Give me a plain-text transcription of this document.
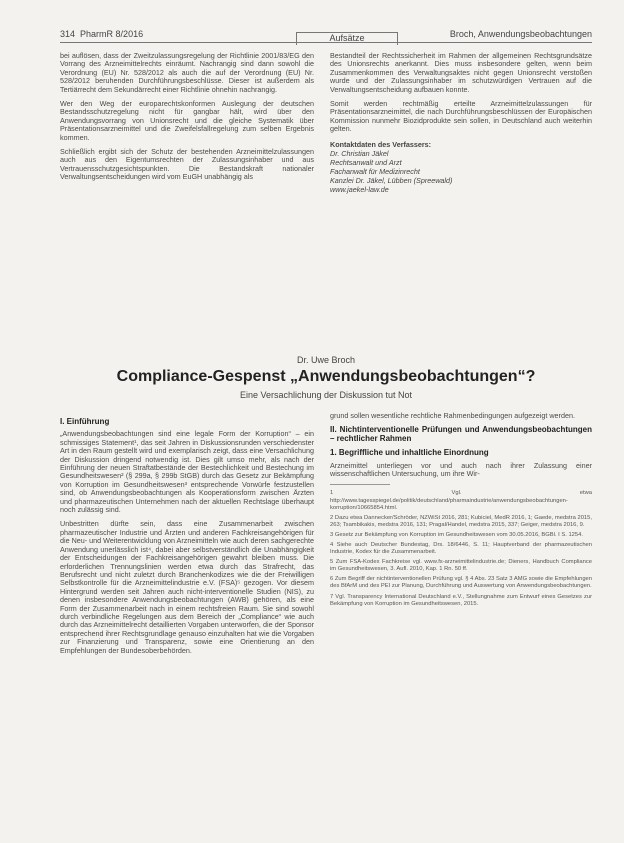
314 PharmR 8/2016	Aufsätze	Broch, Anwendungsbeobachtungen

bei auflösen, dass der Zweitzulassungsregelung der Richtlinie 2001/83/EG den Vorrang des Arzneimittelrechts einräumt. Nachrangig sind dann sowohl die Verordnung (EU) Nr. 528/2012 als auch die auf der Verordnung (EU) Nr. 528/2012 beruhenden Durchführungsbeschlüsse. Dieser ist außerdem als Tertiärrecht dem Sekundärrecht einer Richtlinie ohnehin nachrangig.

Wer den Weg der europarechtskonformen Auslegung der deutschen Bestandsschutzregelung nicht für gangbar hält, wird über den Anwendungsvorrang von Unionsrecht und die gleiche Systematik über Präsentationsarzneimittel und die Zweifelsfallregelung zum selben Ergebnis kommen.

Schließlich ergibt sich der Schutz der bestehenden Arzneimittelzulassungen auch aus den Eigentumsrechten der Zulassungsinhaber und aus Vertrauensschutzgesichtspunkten. Die Bestandskraft nationaler Verwaltungsentscheidungen wird vom EuGH unabhängig als

Bestandteil der Rechtssicherheit im Rahmen der allgemeinen Rechtsgrundsätze des Unionsrechts anerkannt. Dies muss insbesondere gelten, wenn beim Zusammenkommen des Verwaltungsaktes nicht gegen Unionsrecht verstoßen wurde und der Zulassungsinhaber im schutzwürdigen Vertrauen auf die Verwaltungsentscheidung aufbauen konnte.

Somit werden rechtmäßig erteilte Arzneimittelzulassungen für Präsentationsarzneimittel, die nach Durchführungsbeschlüssen der Europäischen Kommission nunmehr Biozidprodukte sein sollen, in Deutschland auch weiterhin gelten.

Kontaktdaten des Verfassers:
Dr. Christian Jäkel
Rechtsanwalt und Arzt
Fachanwalt für Medizinrecht
Kanzlei Dr. Jäkel, Lübben (Spreewald)
www.jaekel-law.de
Dr. Uwe Broch
Compliance-Gespenst „Anwendungsbeobachtungen“?
Eine Versachlichung der Diskussion tut Not
I. Einführung

„Anwendungsbeobachtungen sind eine legale Form der Korruption“ – ein schmissiges Statement¹, das seit Jahren in Diskussionsrunden verschiedenster Art in den Raum gestellt wird und exemplarisch zeigt, dass eine Versachlichung der Diskussion dringend notwendig ist. Dies gilt umso mehr, als nach der Einführung der neuen Straftatbestände der Bestechlichkeit und Bestechung im Gesundheitswesen² (§ 299a, § 299b StGB) durch das Gesetz zur Bekämpfung von Korruption im Gesundheitswesen³ entsprechende Vorwürfe festzustellen sind, ob Anwendungsbeobachtungen als Kooperationsform zwischen Ärzten und pharmazeutischen Unternehmen nach der aktuellen Rechtslage überhaupt noch zulässig sind.

Unbestritten dürfte sein, dass eine Zusammenarbeit zwischen pharmazeutischer Industrie und Ärzten und anderen Fachkreisangehörigen für die Neu- und Weiterentwicklung von Arzneimitteln wie auch deren sachgerechte Anwendung unerlässlich ist⁴, dabei aber selbstverständlich die Unabhängigkeit der Entscheidungen der Fachkreisangehörigen gewahrt bleiben muss. Die erforderlichen Trennungslinien werden etwa durch das Strafrecht, das Berufsrecht und nicht zuletzt durch Branchenkodizes wie die der Freiwilligen Selbstkontrolle für die Arzneimittelindustrie e.V. (FSA)⁵ gezogen. Vor diesem Hintergrund werden seit Jahren auch nicht-interventionelle Studien (NIS), zu denen insbesondere Anwendungsbeobachtungen (AWB) gehören, als eine Form der Zusammenarbeit nach in einem rechtsfreien Raum. Sie sind sowohl durch verbindliche Regelungen aus dem Bereich der „Compliance“ wie auch durch das Arzneimittelrecht detaillierten Vorgaben unterworfen, die der Sponsor entsprechend ihrer Rechtsgrundlage genauso einzuhalten hat wie die Vorgaben zur Finanzierung und Transparenz, sowie eine Orientierung an den Empfehlungen der Bundesoberbehörden.

grund sollen wesentliche rechtliche Rahmenbedingungen aufgezeigt werden.

II. Nichtinterventionelle Prüfungen und Anwendungsbeobachtungen – rechtlicher Rahmen
1. Begriffliche und inhaltliche Einordnung

Arzneimittel unterliegen vor und auch nach ihrer Zulassung einer wissenschaftlichen Untersuchung, um ihre Wir-

1 Vgl. etwa http://www.tagesspiegel.de/politik/deutschland/pharmaindustrie/anwendungsbeobachtungen-korruption/10665854.html.
2 Dazu etwa Dannecker/Schröder, NZWiSt 2016, 281; Kubiciel, MedR 2016, 1; Gaede, medstra 2015, 263; Tsambikakis, medstra 2016, 131; Pragal/Handel, medstra 2015, 337; Geiger, medstra 2016, 9.
3 Gesetz zur Bekämpfung von Korruption im Gesundheitswesen vom 30.05.2016, BGBl. I S. 1254.
4 Siehe auch Deutscher Bundestag, Drs. 18/6446, S. 11; Hauptverband der pharmazeutischen Industrie, Kodex für die Zusammenarbeit.
5 Zum FSA-Kodex Fachkreise vgl. www.fs-arzneimittelindustrie.de; Dieners, Handbuch Compliance im Gesundheitswesen, 3. Aufl. 2010, Kap. 1 Rn. 50 ff.
6 Zum Begriff der nichtinterventionellen Prüfung vgl. § 4 Abs. 23 Satz 3 AMG sowie die Empfehlungen des BfArM und des PEI zur Planung, Durchführung und Auswertung von Anwendungsbeobachtungen.
7 Vgl. Transparency International Deutschland e.V., Stellungnahme zum Entwurf eines Gesetzes zur Bekämpfung von Korruption im Gesundheitswesen, 2015.
